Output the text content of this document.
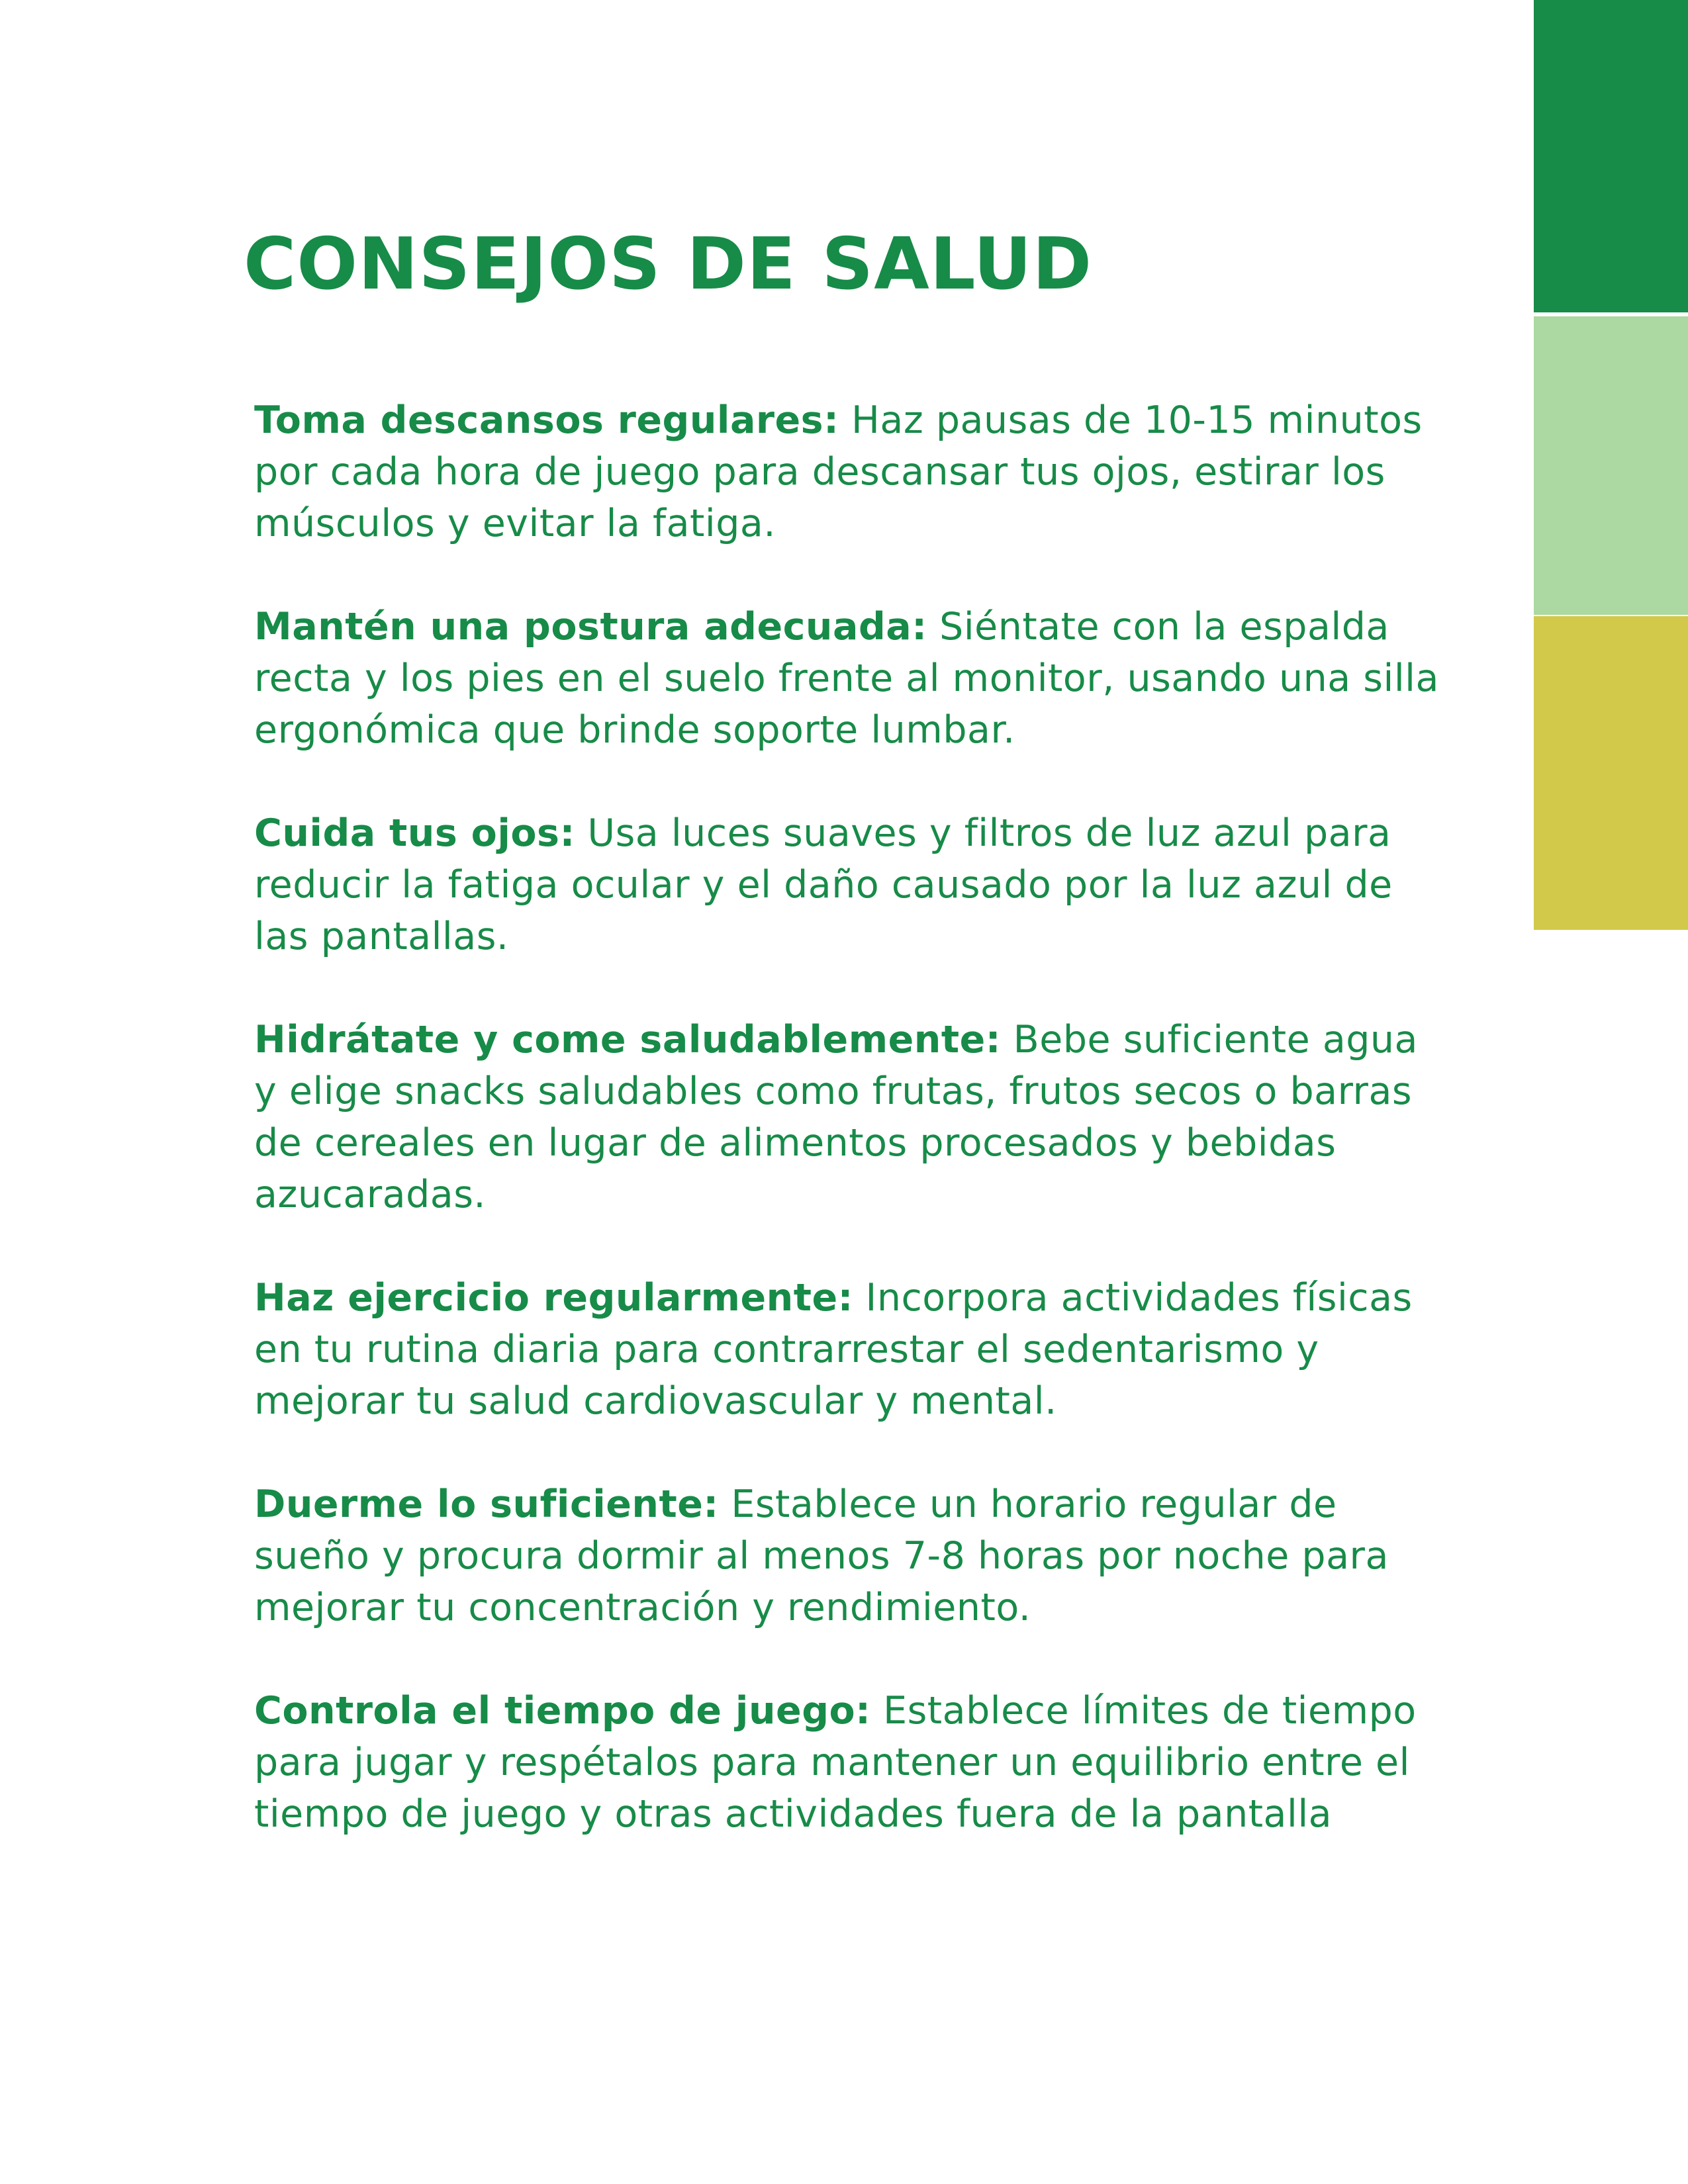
CONSEJOS DE SALUD
Toma descansos regulares: Haz pausas de 10-15 minutos por cada hora de juego para descansar tus ojos, estirar los músculos y evitar la fatiga.
Mantén una postura adecuada: Siéntate con la espalda recta y los pies en el suelo frente al monitor, usando una silla ergonómica que brinde soporte lumbar.
Cuida tus ojos: Usa luces suaves y filtros de luz azul para reducir la fatiga ocular y el daño causado por la luz azul de las pantallas.
Hidrátate y come saludablemente: Bebe suficiente agua y elige snacks saludables como frutas, frutos secos o barras de cereales en lugar de alimentos procesados y bebidas azucaradas.
Haz ejercicio regularmente: Incorpora actividades físicas en tu rutina diaria para contrarrestar el sedentarismo y mejorar tu salud cardiovascular y mental.
Duerme lo suficiente: Establece un horario regular de sueño y procura dormir al menos 7-8 horas por noche para mejorar tu concentración y rendimiento.
Controla el tiempo de juego: Establece límites de tiempo para jugar y respétalos para mantener un equilibrio entre el tiempo de juego y otras actividades fuera de la pantalla
